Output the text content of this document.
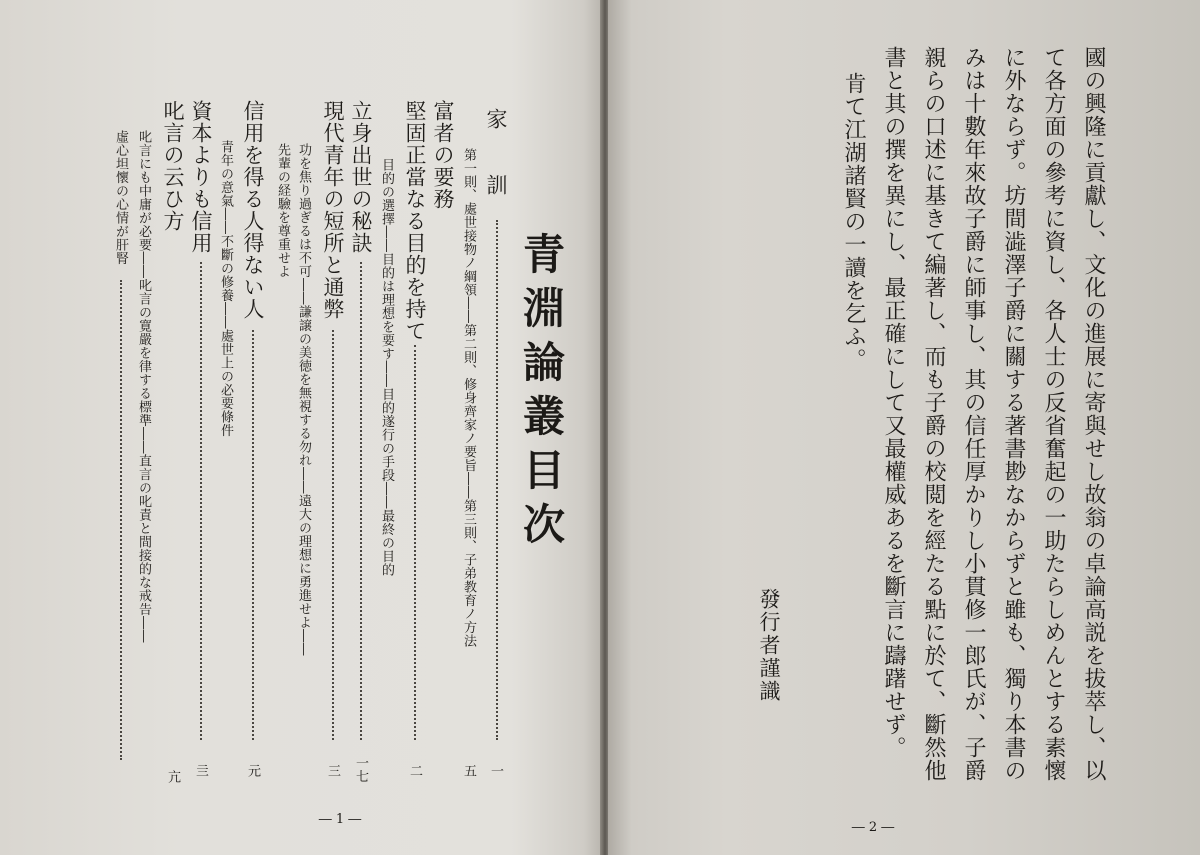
青淵論叢目次
家　　訓
一
第一則、處世接物ノ綱領――第二則、修身齊家ノ要旨――第三則、子弟教育ノ方法
五
富者の要務
堅固正當なる目的を持て
二
目的の選擇――目的は理想を要す――目的遂行の手段――最終の目的
立身出世の秘訣
一七
現代青年の短所と通弊
三
功を焦り過ぎるは不可――謙譲の美徳を無視する勿れ――遠大の理想に勇進せよ――
先輩の経驗を尊重せよ
信用を得る人得ない人
元
青年の意氣――不斷の修養――處世上の必要條件
資本よりも信用
亖
叱言の云ひ方
叱言にも中庸が必要――叱言の寛嚴を律する標準――直言の叱責と間接的な戒告――
虛心坦懷の心情が肝腎
亢
― 1 ―
國の興隆に貢獻し、文化の進展に寄與せし故翁の卓論高説を拔萃し、以
て各方面の參考に資し、各人士の反省奮起の一助たらしめんとする素懷
に外ならず。坊間澁澤子爵に關する著書尠なからずと雖も、獨り本書の
みは十數年來故子爵に師事し、其の信任厚かりし小貫修一郎氏が、子爵
親らの口述に基きて編著し、而も子爵の校閲を經たる點に於て、斷然他
書と其の撰を異にし、最正確にして又最權威あるを斷言に躊躇せず。
肯て江湖諸賢の一讀を乞ふ。
發行者謹識
― 2 ―
